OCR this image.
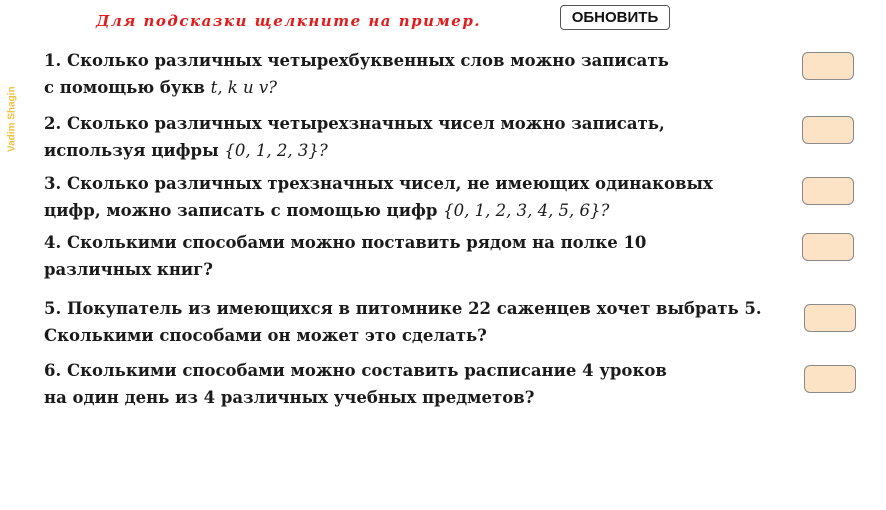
Для подсказки щелкните на пример.	ОБНОВИТЬ
Vadim Shagin
1. Сколько различных четырехбуквенных слов можно записать
с помощью букв t, k и v?
2. Сколько различных четырехзначных чисел можно записать,
используя цифры {0, 1, 2, 3}?
3. Сколько различных трехзначных чисел, не имеющих одинаковых
цифр, можно записать с помощью цифр {0, 1, 2, 3, 4, 5, 6}?
4. Сколькими способами можно поставить рядом на полке 10
различных книг?
5. Покупатель из имеющихся в питомнике 22 саженцев хочет выбрать 5.
Сколькими способами он может это сделать?
6. Сколькими способами можно составить расписание 4 уроков
на один день из 4 различных учебных предметов?
